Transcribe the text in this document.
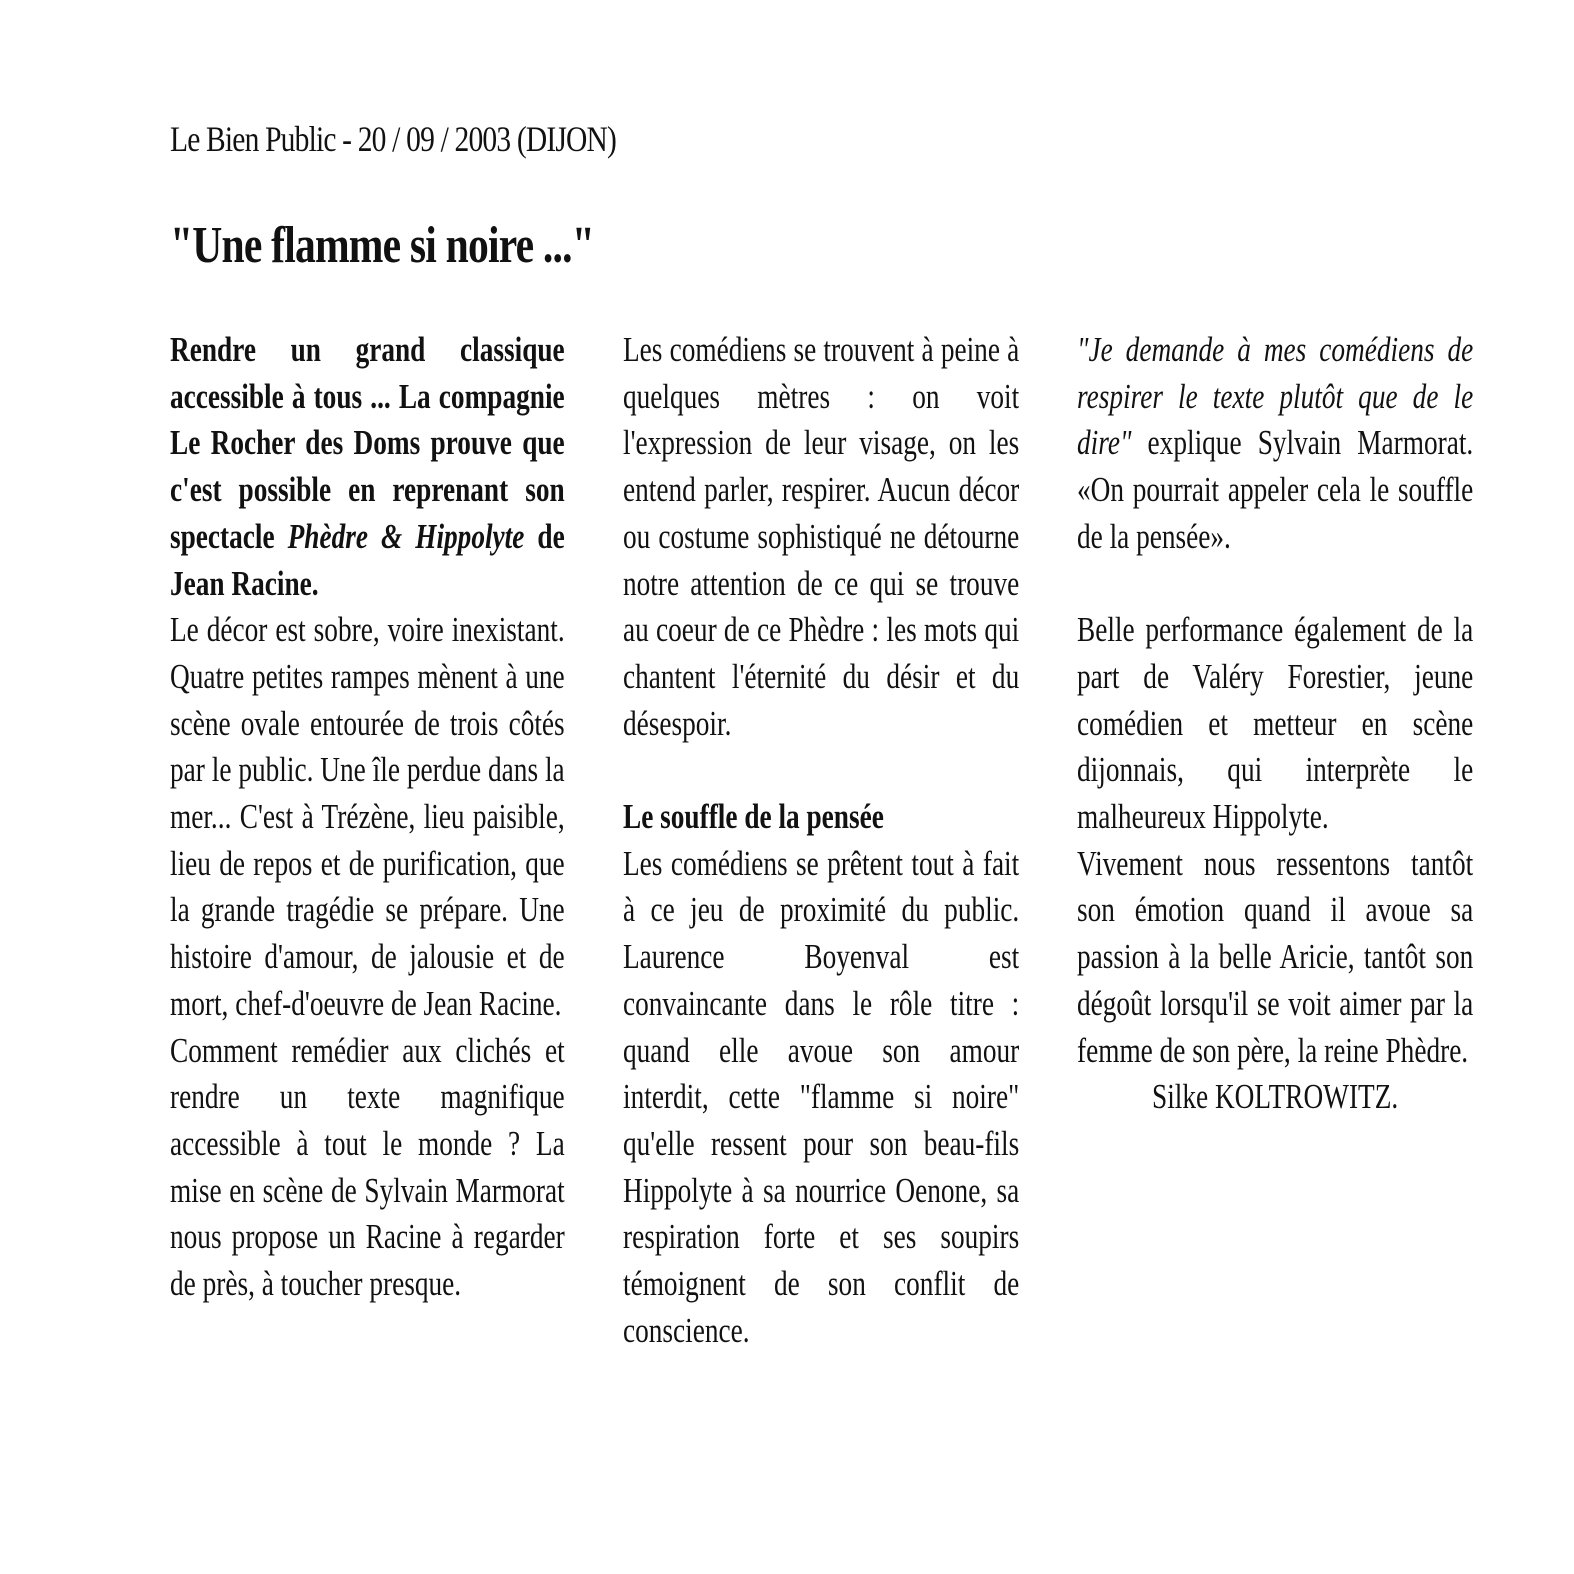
Le Bien Public - 20 / 09 / 2003 (DIJON)
"Une flamme si noire ..."

Rendre un grand classique accessible à tous ... La compagnie Le Rocher des Doms prouve que c'est possible en reprenant son spectacle Phèdre & Hippolyte de Jean Racine.

Le décor est sobre, voire inexistant. Quatre petites rampes mènent à une scène ovale entourée de trois côtés par le public. Une île perdue dans la mer... C'est à Trézène, lieu paisible, lieu de repos et de purification, que la grande tragédie se prépare. Une histoire d'amour, de jalousie et de mort, chef-d'oeuvre de Jean Racine.

Comment remédier aux clichés et rendre un texte magnifique accessible à tout le monde ? La mise en scène de Sylvain Marmorat nous propose un Racine à regarder de près, à toucher presque.

Les comédiens se trouvent à peine à quelques mètres : on voit l'expression de leur visage, on les entend parler, respirer. Aucun décor ou costume sophistiqué ne détourne notre attention de ce qui se trouve au coeur de ce Phèdre : les mots qui chantent l'éternité du désir et du désespoir.

Le souffle de la pensée

Les comédiens se prêtent tout à fait à ce jeu de proximité du public. Laurence Boyenval est convaincante dans le rôle titre : quand elle avoue son amour interdit, cette "flamme si noire" qu'elle ressent pour son beau-fils Hippolyte à sa nourrice Oenone, sa respiration forte et ses soupirs témoignent de son conflit de conscience.

"Je demande à mes comédiens de respirer le texte plutôt que de le dire" explique Sylvain Marmorat. «On pourrait appeler cela le souffle de la pensée».

Belle performance également de la part de Valéry Forestier, jeune comédien et metteur en scène dijonnais, qui interprète le malheureux Hippolyte.

Vivement nous ressentons tantôt son émotion quand il avoue sa passion à la belle Aricie, tantôt son dégoût lorsqu'il se voit aimer par la femme de son père, la reine Phèdre.

Silke KOLTROWITZ.
